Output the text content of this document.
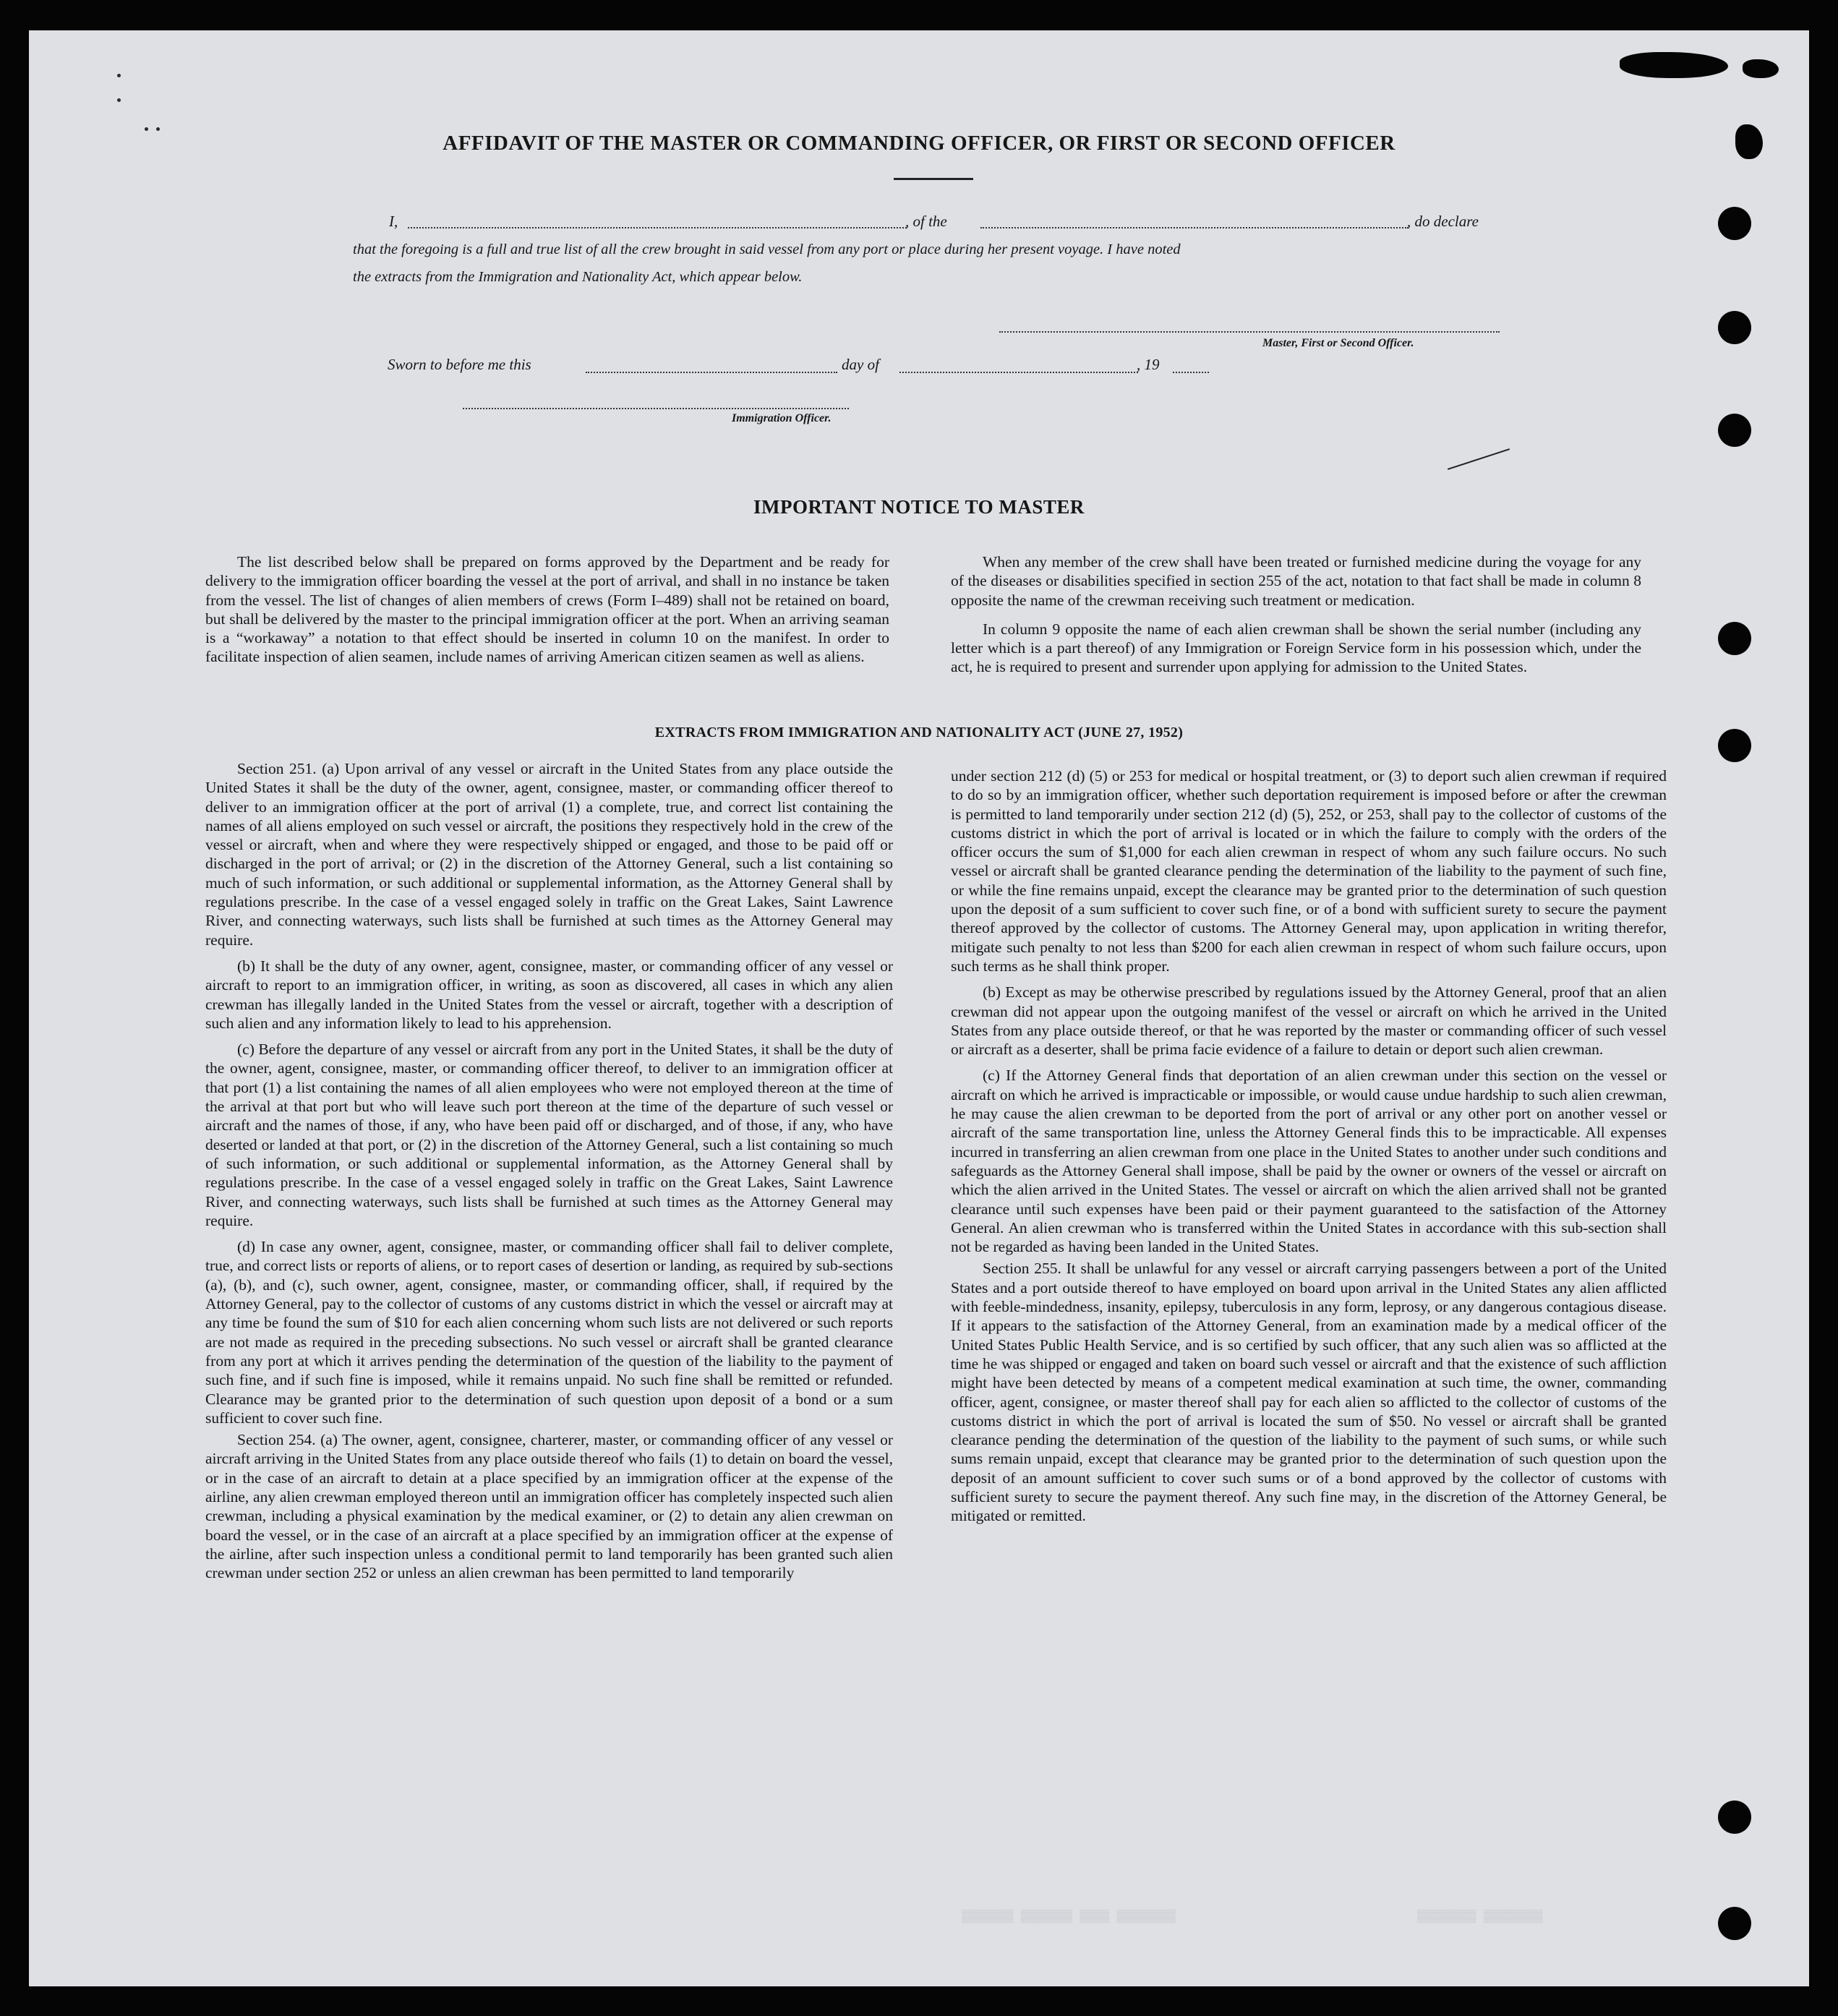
▒▒▒▒▒▒▒ ▒▒▒▒▒▒▒ ▒▒▒▒ ▒▒▒▒▒▒▒▒	▒▒▒▒▒▒▒▒ ▒▒▒▒▒▒▒▒
AFFIDAVIT OF THE MASTER OR COMMANDING OFFICER, OR FIRST OR SECOND OFFICER
I,	, of the	, do declare
that the foregoing is a full and true list of all the crew brought in said vessel from any port or place during her present voyage. I have noted
the extracts from the Immigration and Nationality Act, which appear below.
Master, First or Second Officer.
Sworn to before me this	day of	, 19
Immigration Officer.
IMPORTANT NOTICE TO MASTER

The list described below shall be prepared on forms approved by the Department and be ready for delivery to the immigration officer boarding the vessel at the port of arrival, and shall in no instance be taken from the vessel. The list of changes of alien members of crews (Form I–489) shall not be retained on board, but shall be delivered by the master to the principal immigration officer at the port. When an arriving seaman is a “workaway” a notation to that effect should be inserted in column 10 on the manifest. In order to facilitate inspection of alien seamen, include names of arriving American citizen seamen as well as aliens.

When any member of the crew shall have been treated or furnished medicine during the voyage for any of the diseases or disabilities specified in section 255 of the act, notation to that fact shall be made in column 8 opposite the name of the crewman receiving such treatment or medication.

In column 9 opposite the name of each alien crewman shall be shown the serial number (including any letter which is a part thereof) of any Immigration or Foreign Service form in his possession which, under the act, he is required to present and surrender upon applying for admission to the United States.

EXTRACTS FROM IMMIGRATION AND NATIONALITY ACT (JUNE 27, 1952)

Section 251. (a) Upon arrival of any vessel or aircraft in the United States from any place outside the United States it shall be the duty of the owner, agent, consignee, master, or commanding officer thereof to deliver to an immigration officer at the port of arrival (1) a complete, true, and correct list containing the names of all aliens employed on such vessel or aircraft, the positions they respectively hold in the crew of the vessel or aircraft, when and where they were respectively shipped or engaged, and those to be paid off or discharged in the port of arrival; or (2) in the discretion of the Attorney General, such a list containing so much of such information, or such additional or supplemental information, as the Attorney General shall by regulations prescribe. In the case of a vessel engaged solely in traffic on the Great Lakes, Saint Lawrence River, and connecting waterways, such lists shall be furnished at such times as the Attorney General may require.

(b) It shall be the duty of any owner, agent, consignee, master, or commanding officer of any vessel or aircraft to report to an immigration officer, in writing, as soon as discovered, all cases in which any alien crewman has illegally landed in the United States from the vessel or aircraft, together with a description of such alien and any information likely to lead to his apprehension.

(c) Before the departure of any vessel or aircraft from any port in the United States, it shall be the duty of the owner, agent, consignee, master, or commanding officer thereof, to deliver to an immigration officer at that port (1) a list containing the names of all alien employees who were not employed thereon at the time of the arrival at that port but who will leave such port thereon at the time of the departure of such vessel or aircraft and the names of those, if any, who have been paid off or discharged, and of those, if any, who have deserted or landed at that port, or (2) in the discretion of the Attorney General, such a list containing so much of such information, or such additional or supplemental information, as the Attorney General shall by regulations prescribe. In the case of a vessel engaged solely in traffic on the Great Lakes, Saint Lawrence River, and connecting waterways, such lists shall be furnished at such times as the Attorney General may require.

(d) In case any owner, agent, consignee, master, or commanding officer shall fail to deliver complete, true, and correct lists or reports of aliens, or to report cases of desertion or landing, as required by sub-sections (a), (b), and (c), such owner, agent, consignee, master, or commanding officer, shall, if required by the Attorney General, pay to the collector of customs of any customs district in which the vessel or aircraft may at any time be found the sum of $10 for each alien concerning whom such lists are not delivered or such reports are not made as required in the preceding subsections. No such vessel or aircraft shall be granted clearance from any port at which it arrives pending the determination of the question of the liability to the payment of such fine, and if such fine is imposed, while it remains unpaid. No such fine shall be remitted or refunded. Clearance may be granted prior to the determination of such question upon deposit of a bond or a sum sufficient to cover such fine.

Section 254. (a) The owner, agent, consignee, charterer, master, or commanding officer of any vessel or aircraft arriving in the United States from any place outside thereof who fails (1) to detain on board the vessel, or in the case of an aircraft to detain at a place specified by an immigration officer at the expense of the airline, any alien crewman employed thereon until an immigration officer has completely inspected such alien crewman, including a physical examination by the medical examiner, or (2) to detain any alien crewman on board the vessel, or in the case of an aircraft at a place specified by an immigration officer at the expense of the airline, after such inspection unless a conditional permit to land temporarily has been granted such alien crewman under section 252 or unless an alien crewman has been permitted to land temporarily

under section 212 (d) (5) or 253 for medical or hospital treatment, or (3) to deport such alien crewman if required to do so by an immigration officer, whether such deportation requirement is imposed before or after the crewman is permitted to land temporarily under section 212 (d) (5), 252, or 253, shall pay to the collector of customs of the customs district in which the port of arrival is located or in which the failure to comply with the orders of the officer occurs the sum of $1,000 for each alien crewman in respect of whom any such failure occurs. No such vessel or aircraft shall be granted clearance pending the determination of the liability to the payment of such fine, or while the fine remains unpaid, except the clearance may be granted prior to the determination of such question upon the deposit of a sum sufficient to cover such fine, or of a bond with sufficient surety to secure the payment thereof approved by the collector of customs. The Attorney General may, upon application in writing therefor, mitigate such penalty to not less than $200 for each alien crewman in respect of whom such failure occurs, upon such terms as he shall think proper.

(b) Except as may be otherwise prescribed by regulations issued by the Attorney General, proof that an alien crewman did not appear upon the outgoing manifest of the vessel or aircraft on which he arrived in the United States from any place outside thereof, or that he was reported by the master or commanding officer of such vessel or aircraft as a deserter, shall be prima facie evidence of a failure to detain or deport such alien crewman.

(c) If the Attorney General finds that deportation of an alien crewman under this section on the vessel or aircraft on which he arrived is impracticable or impossible, or would cause undue hardship to such alien crewman, he may cause the alien crewman to be deported from the port of arrival or any other port on another vessel or aircraft of the same transportation line, unless the Attorney General finds this to be impracticable. All expenses incurred in transferring an alien crewman from one place in the United States to another under such conditions and safeguards as the Attorney General shall impose, shall be paid by the owner or owners of the vessel or aircraft on which the alien arrived in the United States. The vessel or aircraft on which the alien arrived shall not be granted clearance until such expenses have been paid or their payment guaranteed to the satisfaction of the Attorney General. An alien crewman who is transferred within the United States in accordance with this sub-section shall not be regarded as having been landed in the United States.

Section 255. It shall be unlawful for any vessel or aircraft carrying passengers between a port of the United States and a port outside thereof to have employed on board upon arrival in the United States any alien afflicted with feeble-mindedness, insanity, epilepsy, tuberculosis in any form, leprosy, or any dangerous contagious disease. If it appears to the satisfaction of the Attorney General, from an examination made by a medical officer of the United States Public Health Service, and is so certified by such officer, that any such alien was so afflicted at the time he was shipped or engaged and taken on board such vessel or aircraft and that the existence of such affliction might have been detected by means of a competent medical examination at such time, the owner, commanding officer, agent, consignee, or master thereof shall pay for each alien so afflicted to the collector of customs of the customs district in which the port of arrival is located the sum of $50. No vessel or aircraft shall be granted clearance pending the determination of the question of the liability to the payment of such sums, or while such sums remain unpaid, except that clearance may be granted prior to the determination of such question upon the deposit of an amount sufficient to cover such sums or of a bond approved by the collector of customs with sufficient surety to secure the payment thereof. Any such fine may, in the discretion of the Attorney General, be mitigated or remitted.
